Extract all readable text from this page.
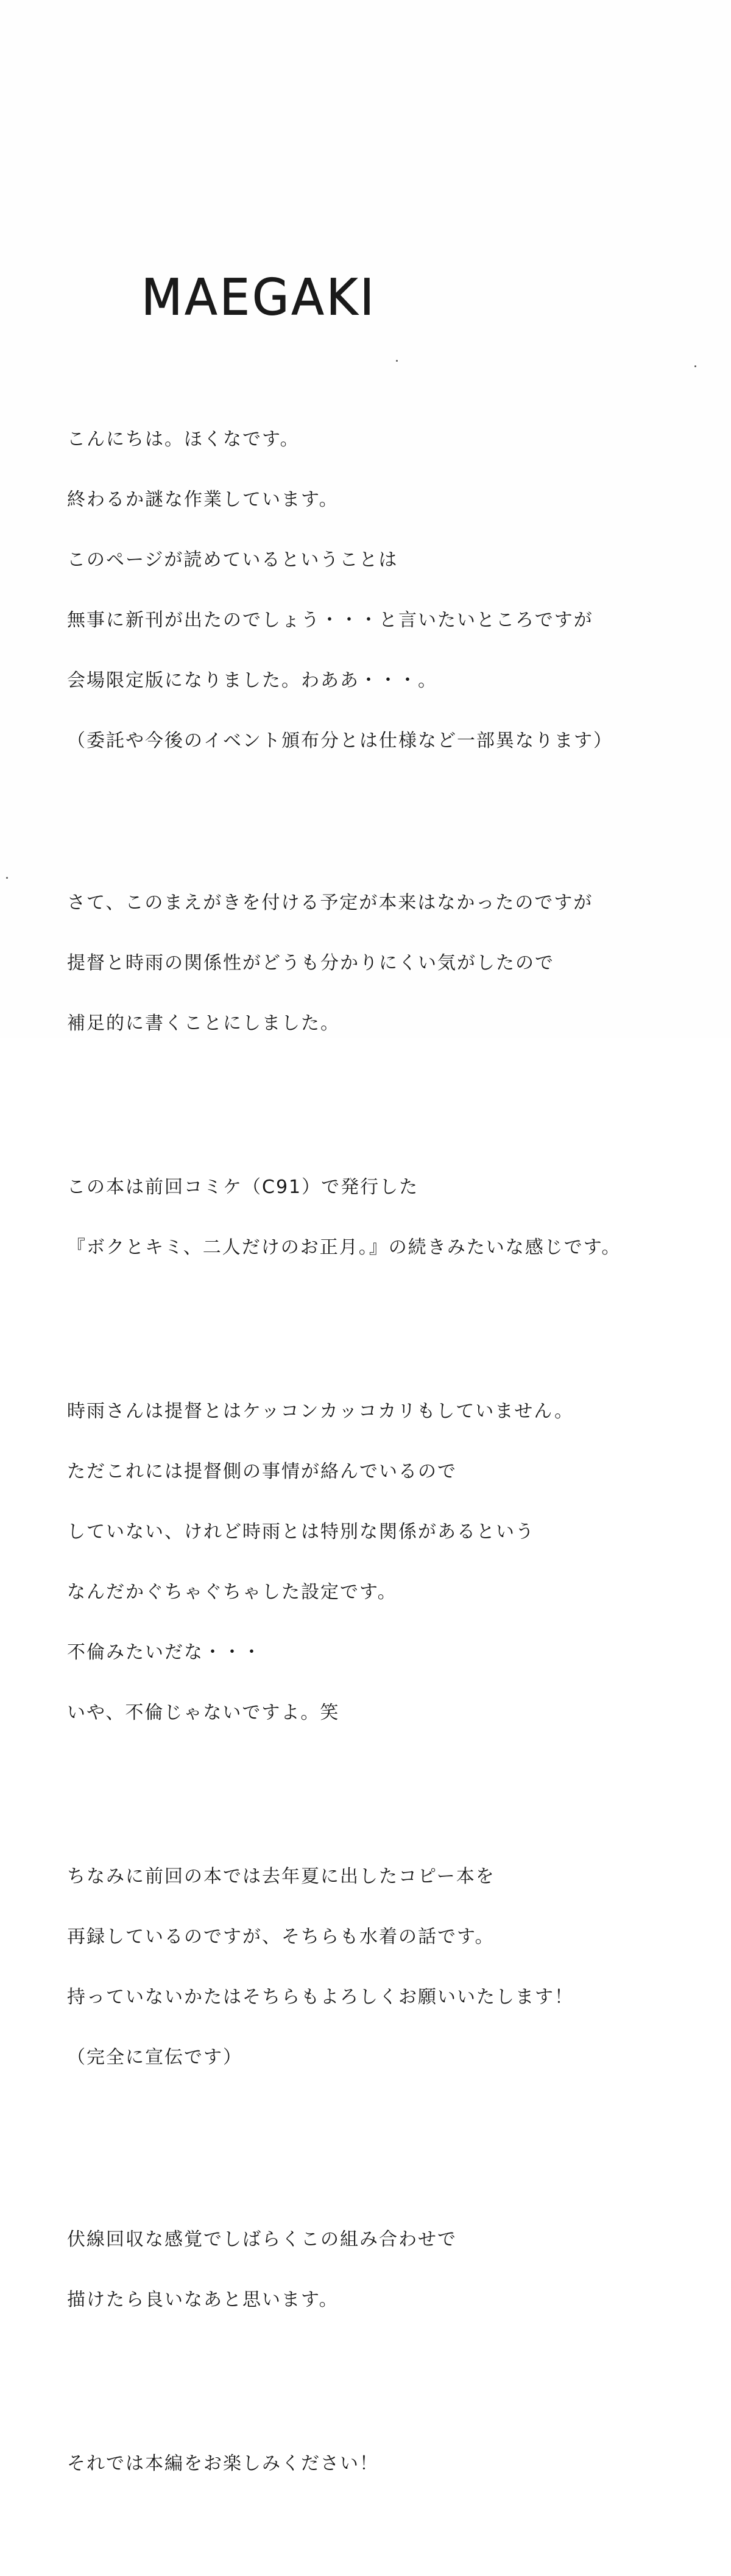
MAEGAKI

こんにちは。ほくなです。

終わるか謎な作業しています。

このページが読めているということは

無事に新刊が出たのでしょう・・・と言いたいところですが

会場限定版になりました。わああ・・・。

（委託や今後のイベント頒布分とは仕様など一部異なります）

さて、このまえがきを付ける予定が本来はなかったのですが

提督と時雨の関係性がどうも分かりにくい気がしたので

補足的に書くことにしました。

この本は前回コミケ（C91）で発行した

『ボクとキミ、二人だけのお正月。』の続きみたいな感じです。

時雨さんは提督とはケッコンカッコカリもしていません。

ただこれには提督側の事情が絡んでいるので

していない、けれど時雨とは特別な関係があるという

なんだかぐちゃぐちゃした設定です。

不倫みたいだな・・・

いや、不倫じゃないですよ。笑

ちなみに前回の本では去年夏に出したコピー本を

再録しているのですが、そちらも水着の話です。

持っていないかたはそちらもよろしくお願いいたします！

（完全に宣伝です）

伏線回収な感覚でしばらくこの組み合わせで

描けたら良いなあと思います。

それでは本編をお楽しみください！
